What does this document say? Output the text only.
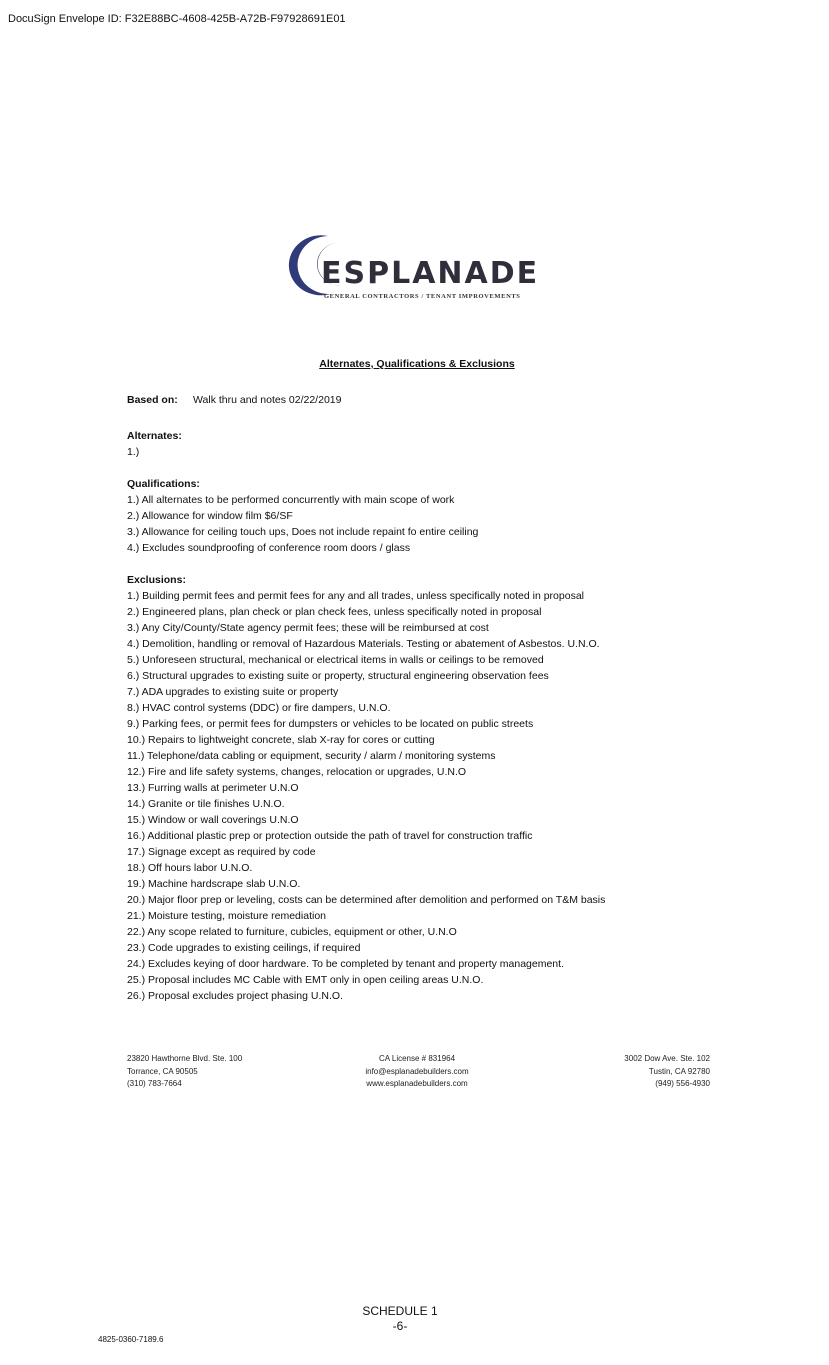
DocuSign Envelope ID: F32E88BC-4608-425B-A72B-F97928691E01
ESPLANADE
GENERAL CONTRACTORS / TENANT IMPROVEMENTS
Alternates, Qualifications & Exclusions
Based on: Walk thru and notes 02/22/2019

Alternates:

1.)

Qualifications:

1.) All alternates to be performed concurrently with main scope of work

2.) Allowance for window film $6/SF

3.) Allowance for ceiling touch ups, Does not include repaint fo entire ceiling

4.) Excludes soundproofing of conference room doors / glass

Exclusions:

1.) Building permit fees and permit fees for any and all trades, unless specifically noted in proposal

2.) Engineered plans, plan check or plan check fees, unless specifically noted in proposal

3.) Any City/County/State agency permit fees; these will be reimbursed at cost

4.) Demolition, handling or removal of Hazardous Materials. Testing or abatement of Asbestos. U.N.O.

5.) Unforeseen structural, mechanical or electrical items in walls or ceilings to be removed

6.) Structural upgrades to existing suite or property, structural engineering observation fees

7.) ADA upgrades to existing suite or property

8.) HVAC control systems (DDC) or fire dampers, U.N.O.

9.) Parking fees, or permit fees for dumpsters or vehicles to be located on public streets

10.) Repairs to lightweight concrete, slab X-ray for cores or cutting

11.) Telephone/data cabling or equipment, security / alarm / monitoring systems

12.) Fire and life safety systems, changes, relocation or upgrades, U.N.O

13.) Furring walls at perimeter U.N.O

14.) Granite or tile finishes U.N.O.

15.) Window or wall coverings U.N.O

16.) Additional plastic prep or protection outside the path of travel for construction traffic

17.) Signage except as required by code

18.) Off hours labor U.N.O.

19.) Machine hardscrape slab U.N.O.

20.) Major floor prep or leveling, costs can be determined after demolition and performed on T&M basis

21.) Moisture testing, moisture remediation

22.) Any scope related to furniture, cubicles, equipment or other, U.N.O

23.) Code upgrades to existing ceilings, if required

24.) Excludes keying of door hardware. To be completed by tenant and property management.

25.) Proposal includes MC Cable with EMT only in open ceiling areas U.N.O.

26.) Proposal excludes project phasing U.N.O.

23820 Hawthorne Blvd. Ste. 100
Torrance, CA 90505
(310) 783-7664
CA License # 831964
info@esplanadebuilders.com
www.esplanadebuilders.com
3002 Dow Ave. Ste. 102
Tustin, CA 92780
(949) 556-4930
SCHEDULE 1
-6-
4825-0360-7189.6
